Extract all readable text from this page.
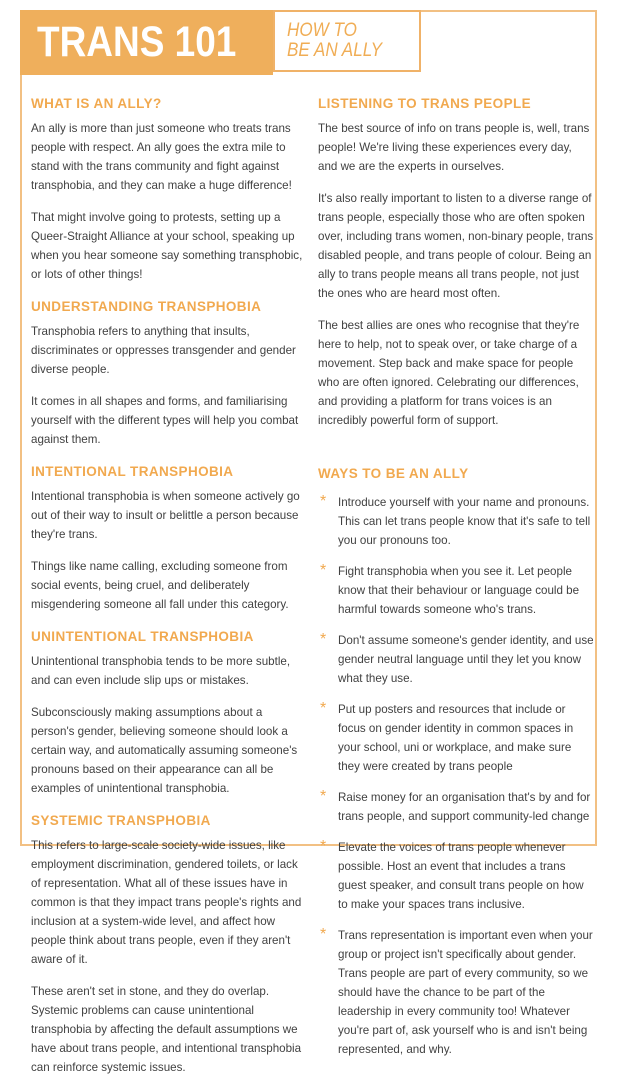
TRANS 101	HOW TO
BE AN ALLY
WHAT IS AN ALLY?

An ally is more than just someone who treats trans people with respect. An ally goes the extra mile to stand with the trans community and fight against transphobia, and they can make a huge difference!

That might involve going to protests, setting up a Queer-Straight Alliance at your school, speaking up when you hear someone say something transphobic, or lots of other things!

UNDERSTANDING TRANSPHOBIA

Transphobia refers to anything that insults, discriminates or oppresses transgender and gender diverse people.

It comes in all shapes and forms, and familiarising yourself with the different types will help you combat against them.

INTENTIONAL TRANSPHOBIA

Intentional transphobia is when someone actively go out of their way to insult or belittle a person because they're trans.

Things like name calling, excluding someone from social events, being cruel, and deliberately misgendering someone all fall under this category.

UNINTENTIONAL TRANSPHOBIA

Unintentional transphobia tends to be more subtle, and can even include slip ups or mistakes.

Subconsciously making assumptions about a person's gender, believing someone should look a certain way, and automatically assuming someone's pronouns based on their appearance can all be examples of unintentional transphobia.

SYSTEMIC TRANSPHOBIA

This refers to large-scale society-wide issues, like employment discrimination, gendered toilets, or lack of representation. What all of these issues have in common is that they impact trans people's rights and inclusion at a system-wide level, and affect how people think about trans people, even if they aren't aware of it.

These aren't set in stone, and they do overlap. Systemic problems can cause unintentional transphobia by affecting the default assumptions we have about trans people, and intentional transphobia can reinforce systemic issues.

LISTENING TO TRANS PEOPLE

The best source of info on trans people is, well, trans people! We're living these experiences every day, and we are the experts in ourselves.

It's also really important to listen to a diverse range of trans people, especially those who are often spoken over, including trans women, non-binary people, trans disabled people, and trans people of colour. Being an ally to trans people means all trans people, not just the ones who are heard most often.

The best allies are ones who recognise that they're here to help, not to speak over, or take charge of a movement. Step back and make space for people who are often ignored. Celebrating our differences, and providing a platform for trans voices is an incredibly powerful form of support.

WAYS TO BE AN ALLY
* Introduce yourself with your name and pronouns. This can let trans people know that it's safe to tell you our pronouns too.
* Fight transphobia when you see it. Let people know that their behaviour or language could be harmful towards someone who's trans.
* Don't assume someone's gender identity, and use gender neutral language until they let you know what they use.
* Put up posters and resources that include or focus on gender identity in common spaces in your school, uni or workplace, and make sure they were created by trans people
* Raise money for an organisation that's by and for trans people, and support community-led change
* Elevate the voices of trans people whenever possible. Host an event that includes a trans guest speaker, and consult trans people on how to make your spaces trans inclusive.
* Trans representation is important even when your group or project isn't specifically about gender. Trans people are part of every community, so we should have the chance to be part of the leadership in every community too! Whatever you're part of, ask yourself who is and isn't being represented, and why.
